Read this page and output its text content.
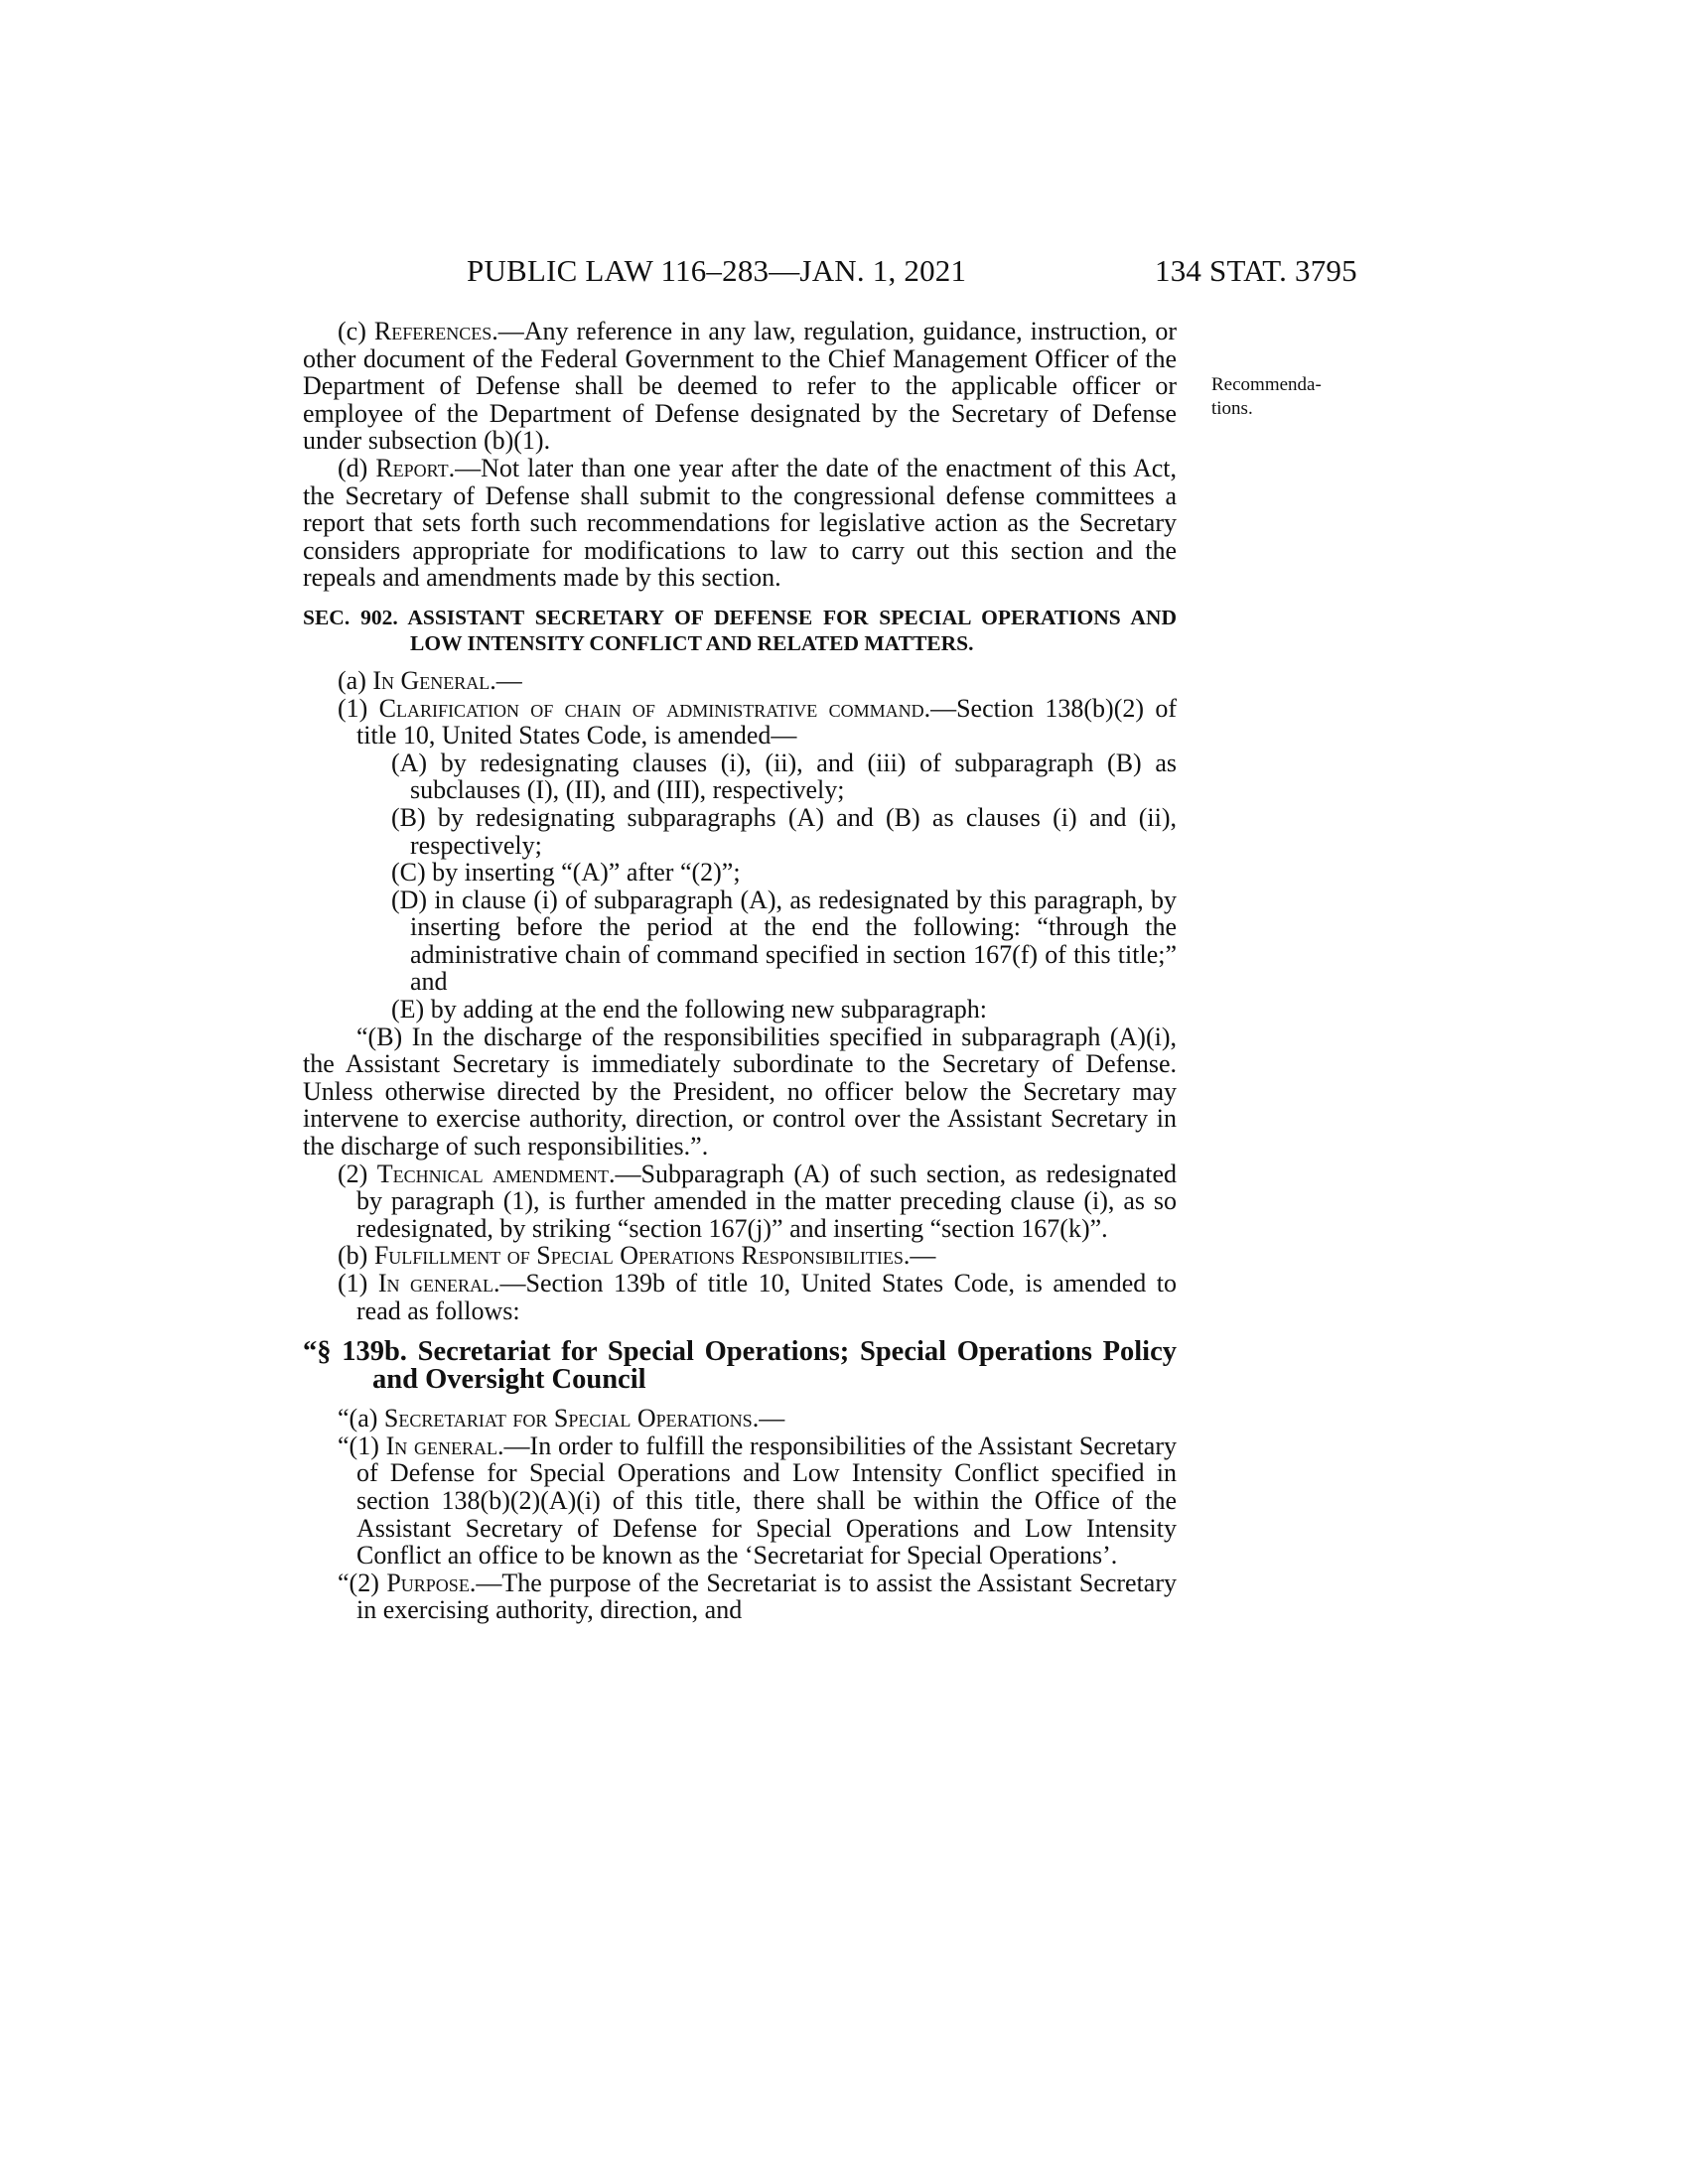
PUBLIC LAW 116–283—JAN. 1, 2021	134 STAT. 3795
Recommenda-
tions.

(c) References.—Any reference in any law, regulation, guidance, instruction, or other document of the Federal Government to the Chief Management Officer of the Department of Defense shall be deemed to refer to the applicable officer or employee of the Department of Defense designated by the Secretary of Defense under subsection (b)(1).

(d) Report.—Not later than one year after the date of the enactment of this Act, the Secretary of Defense shall submit to the congressional defense committees a report that sets forth such recommendations for legislative action as the Secretary considers appropriate for modifications to law to carry out this section and the repeals and amendments made by this section.

SEC. 902. ASSISTANT SECRETARY OF DEFENSE FOR SPECIAL OPERATIONS AND LOW INTENSITY CONFLICT AND RELATED MATTERS.

(a) In General.—

(1) Clarification of chain of administrative command.—Section 138(b)(2) of title 10, United States Code, is amended—

(A) by redesignating clauses (i), (ii), and (iii) of subparagraph (B) as subclauses (I), (II), and (III), respectively;

(B) by redesignating subparagraphs (A) and (B) as clauses (i) and (ii), respectively;

(C) by inserting “(A)” after “(2)”;

(D) in clause (i) of subparagraph (A), as redesignated by this paragraph, by inserting before the period at the end the following: “through the administrative chain of command specified in section 167(f) of this title;” and

(E) by adding at the end the following new subparagraph:

“(B) In the discharge of the responsibilities specified in subparagraph (A)(i), the Assistant Secretary is immediately subordinate to the Secretary of Defense. Unless otherwise directed by the President, no officer below the Secretary may intervene to exercise authority, direction, or control over the Assistant Secretary in the discharge of such responsibilities.”.

(2) Technical amendment.—Subparagraph (A) of such section, as redesignated by paragraph (1), is further amended in the matter preceding clause (i), as so redesignated, by striking “section 167(j)” and inserting “section 167(k)”.

(b) Fulfillment of Special Operations Responsibilities.—

(1) In general.—Section 139b of title 10, United States Code, is amended to read as follows:

“§ 139b. Secretariat for Special Operations; Special Operations Policy and Oversight Council

“(a) Secretariat for Special Operations.—

“(1) In general.—In order to fulfill the responsibilities of the Assistant Secretary of Defense for Special Operations and Low Intensity Conflict specified in section 138(b)(2)(A)(i) of this title, there shall be within the Office of the Assistant Secretary of Defense for Special Operations and Low Intensity Conflict an office to be known as the ‘Secretariat for Special Operations’.

“(2) Purpose.—The purpose of the Secretariat is to assist the Assistant Secretary in exercising authority, direction, and
